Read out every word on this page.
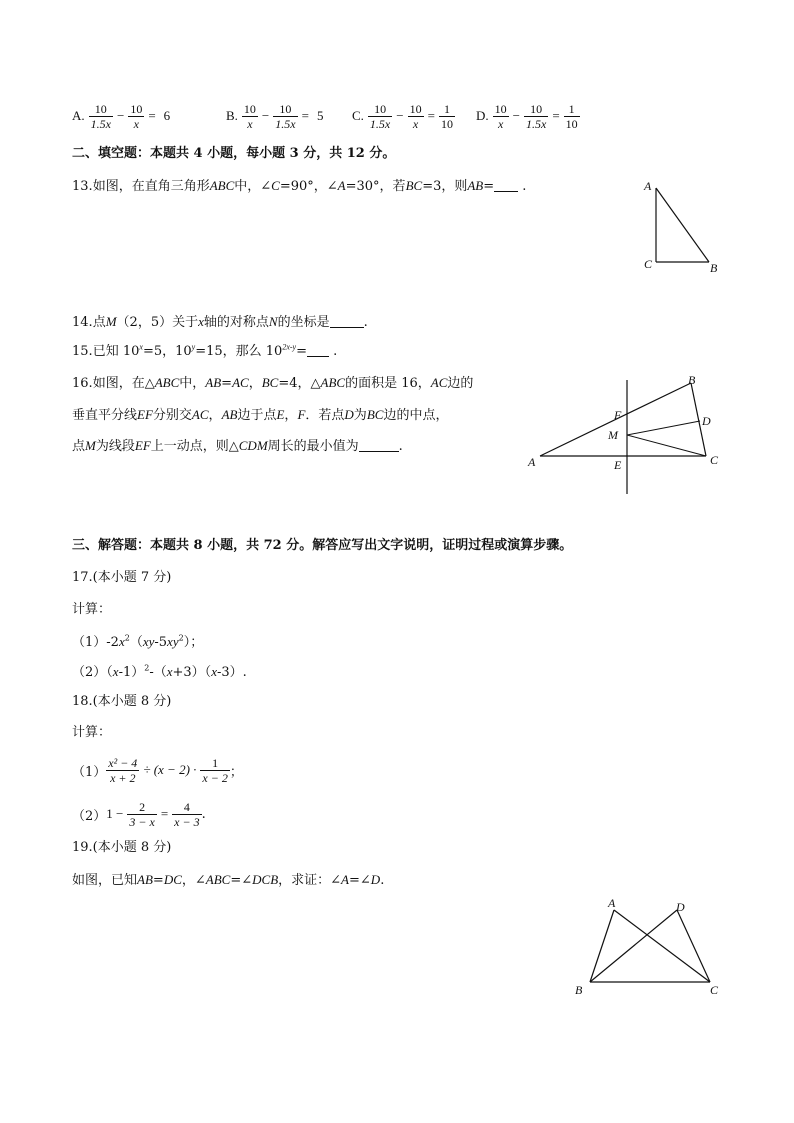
A. $\frac{10}{1.5x} - \frac{10}{x} = 6$	B. $\frac{10}{x} - \frac{10}{1.5x} = 5$ C. $\frac{10}{1.5x} - \frac{10}{x} = \frac{1}{10} D$. $\frac{10}{x} - \frac{10}{1.5x} = \frac{1}{10}$
二、填空题：本题共 4 小题，每小题 3 分，共 12 分。
13.如图，在直角三角形ABC中，∠C=90°，∠A=30°，若BC=3，则AB= .	A
C	B
14.点M（2，5）关于x轴的对称点N的坐标是	.
15.已知 $10^x=5$，$10^y=15$，那么 $10^{2x-y}=$ .
16.如图，在△ABC中，AB=AC，BC=4，△ABC的面积是 16，AC边的
垂直平分线EF分别交AC，AB边于点E，F．若点D为BC边的中点，
点M为线段EF上一动点，则△CDM周长的最小值为	.
A
B
C
D
E
F
M
三、解答题：本题共 8 小题，共 72 分。解答应写出文字说明，证明过程或演算步骤。
17.(本小题 7 分)
计算：
$(1)-2x^2(xy-5xy^2)$；
$(2)(x-1)^2-(x+3)(x-3)$.
18.(本小题 8 分)
计算：
$(1) \frac{\text{x² − 4}}{x + 2} \div (x - 2) \cdot \frac{1}{x - 2}$ ；
（2） $1 - \frac{2}{3 - x} = \frac{4}{x - 3}$ .
19.(本小题 8 分)
如图，已知AB=DC，∠ABC=∠DCB，求证：∠A=∠D.
A	D
B	C
